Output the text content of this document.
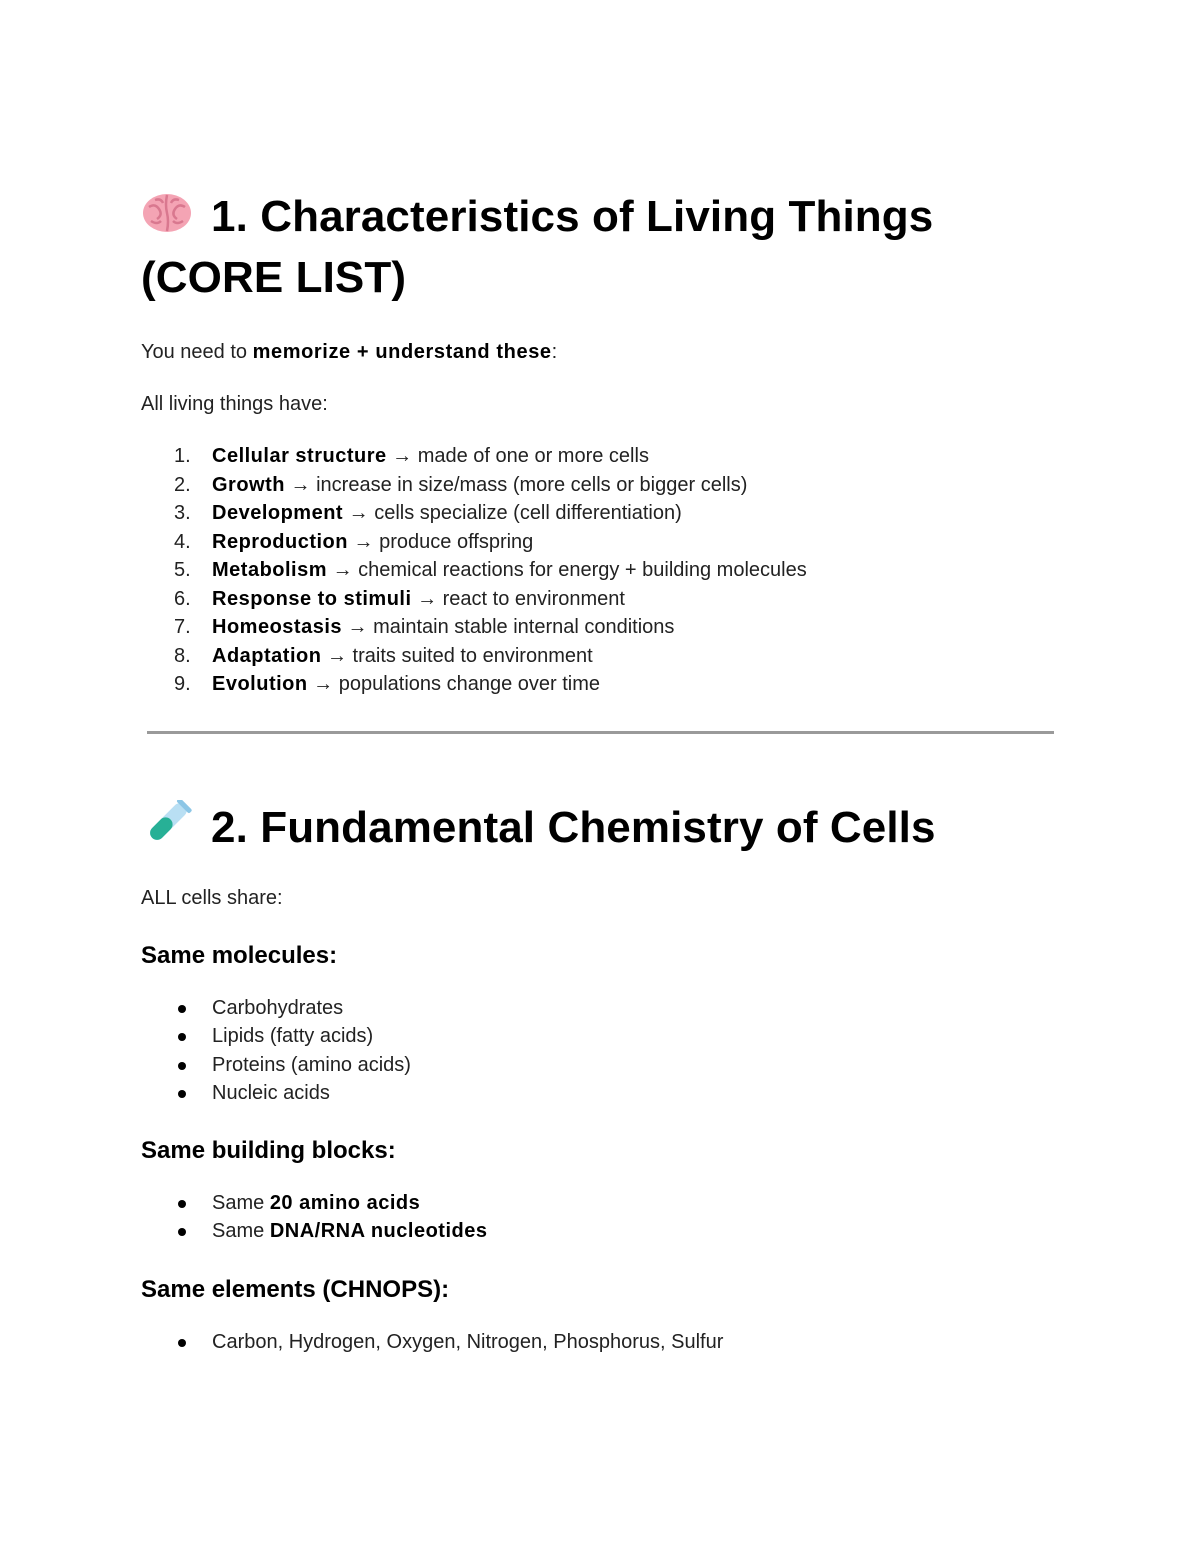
1. Characteristics of Living Things (CORE LIST)

You need to memorize + understand these:

All living things have:

1.	Cellular structure → made of one or more cells
2.	Growth → increase in size/mass (more cells or bigger cells)
3.	Development → cells specialize (cell differentiation)
4.	Reproduction → produce offspring
5.	Metabolism → chemical reactions for energy + building molecules
6.	Response to stimuli → react to environment
7.	Homeostasis → maintain stable internal conditions
8.	Adaptation → traits suited to environment
9.	Evolution → populations change over time
2. Fundamental Chemistry of Cells

ALL cells share:

Same molecules:
Carbohydrates
Lipids (fatty acids)
Proteins (amino acids)
Nucleic acids
Same building blocks:
Same 20 amino acids
Same DNA/RNA nucleotides
Same elements (CHNOPS):
Carbon, Hydrogen, Oxygen, Nitrogen, Phosphorus, Sulfur
